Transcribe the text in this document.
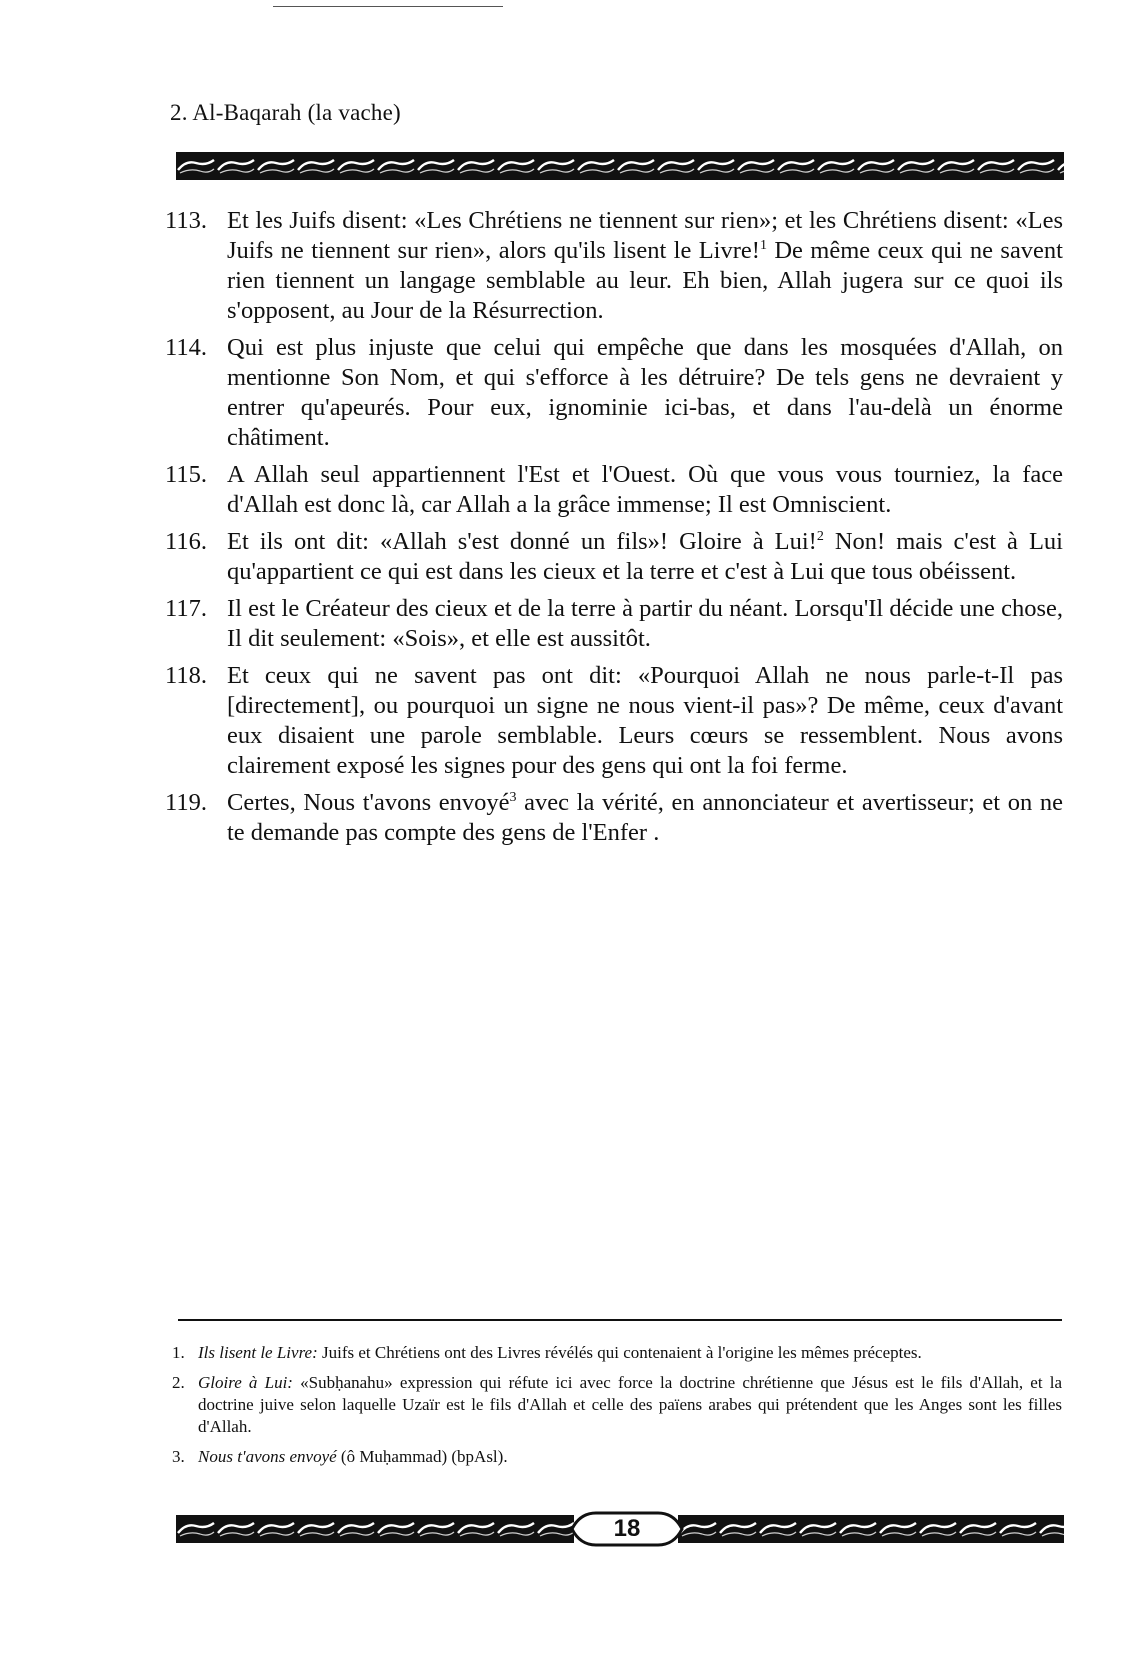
2. Al-Baqarah (la vache)
113. Et les Juifs disent: «Les Chrétiens ne tiennent sur rien»; et les Chrétiens disent: «Les Juifs ne tiennent sur rien», alors qu'ils lisent le Livre!$^1$ De même ceux qui ne savent rien tiennent un langage semblable au leur. Eh bien, Allah jugera sur ce quoi ils s'opposent, au Jour de la Résurrection.
114. Qui est plus injuste que celui qui empêche que dans les mosquées d'Allah, on mentionne Son Nom, et qui s'efforce à les détruire? De tels gens ne devraient y entrer qu'apeurés. Pour eux, ignominie ici-bas, et dans l'au-delà un énorme châtiment.
115. A Allah seul appartiennent l'Est et l'Ouest. Où que vous vous tourniez, la face d'Allah est donc là, car Allah a la grâce immense; Il est Omniscient.
116. Et ils ont dit: «Allah s'est donné un fils»! Gloire à Lui!$^2$ Non! mais c'est à Lui qu'appartient ce qui est dans les cieux et la terre et c'est à Lui que tous obéissent.
117. Il est le Créateur des cieux et de la terre à partir du néant. Lorsqu'Il décide une chose, Il dit seulement: «Sois», et elle est aussitôt.
118. Et ceux qui ne savent pas ont dit: «Pourquoi Allah ne nous parle-t-Il pas [directement], ou pourquoi un signe ne nous vient-il pas»? De même, ceux d'avant eux disaient une parole semblable. Leurs cœurs se ressemblent. Nous avons clairement exposé les signes pour des gens qui ont la foi ferme.
119. Certes, Nous t'avons envoyé$^3$ avec la vérité, en annonciateur et avertisseur; et on ne te demande pas compte des gens de l'Enfer .
1. Ils lisent le Livre: Juifs et Chrétiens ont des Livres révélés qui contenaient à l'origine les mêmes préceptes.
2. Gloire à Lui: «Subḥanahu» expression qui réfute ici avec force la doctrine chrétienne que Jésus est le fils d'Allah, et la doctrine juive selon laquelle Uzaïr est le fils d'Allah et celle des païens arabes qui prétendent que les Anges sont les filles d'Allah.
3. Nous t'avons envoyé (ô Muḥammad) (bpAsl).
18
